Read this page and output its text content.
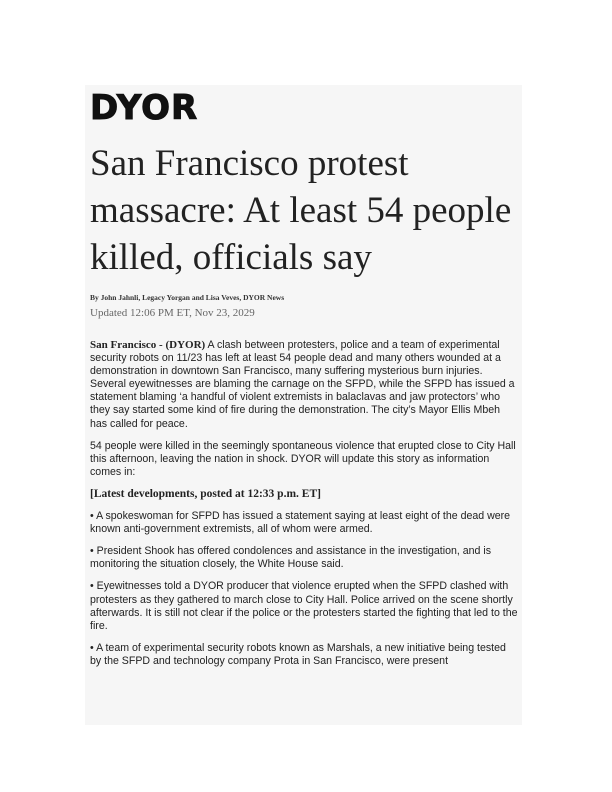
DYOR
San Francisco protest massacre: At least 54 people killed, officials say
By John Jahnli, Legacy Yorgan and Lisa Veves, DYOR News
Updated 12:06 PM ET, Nov 23, 2029

San Francisco - (DYOR) A clash between protesters, police and a team of experimental security robots on 11/23 has left at least 54 people dead and many others wounded at a demonstration in downtown San Francisco, many suffering mysterious burn injuries. Several eyewitnesses are blaming the carnage on the SFPD, while the SFPD has issued a statement blaming ‘a handful of violent extremists in balaclavas and jaw protectors’ who they say started some kind of fire during the demonstration. The city’s Mayor Ellis Mbeh has called for peace.

54 people were killed in the seemingly spontaneous violence that erupted close to City Hall this afternoon, leaving the nation in shock. DYOR will update this story as information comes in:

[Latest developments, posted at 12:33 p.m. ET]

• A spokeswoman for SFPD has issued a statement saying at least eight of the dead were known anti-government extremists, all of whom were armed.

• President Shook has offered condolences and assistance in the investigation, and is monitoring the situation closely, the White House said.

• Eyewitnesses told a DYOR producer that violence erupted when the SFPD clashed with protesters as they gathered to march close to City Hall. Police arrived on the scene shortly afterwards. It is still not clear if the police or the protesters started the fighting that led to the fire.

• A team of experimental security robots known as Marshals, a new initiative being tested by the SFPD and technology company Prota in San Francisco, were present
